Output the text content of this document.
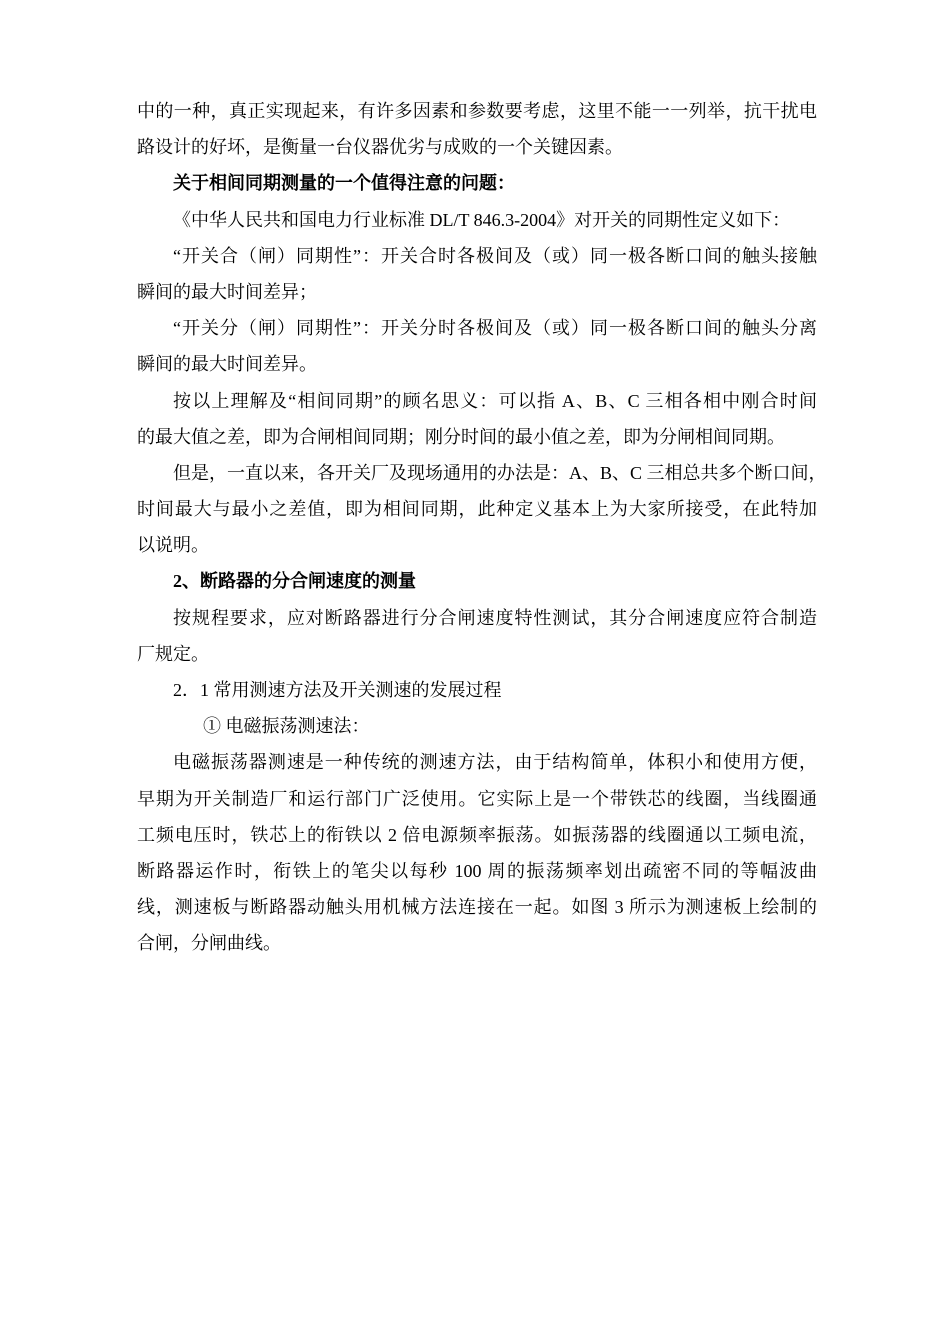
中的一种，真正实现起来，有许多因素和参数要考虑，这里不能一一列举，抗干扰电
路设计的好坏，是衡量一台仪器优劣与成败的一个关键因素。
关于相间同期测量的一个值得注意的问题：
《中华人民共和国电力行业标准 DL/T 846.3-2004》对开关的同期性定义如下：
“开关合（闸）同期性”：开关合时各极间及（或）同一极各断口间的触头接触
瞬间的最大时间差异；
“开关分（闸）同期性”：开关分时各极间及（或）同一极各断口间的触头分离
瞬间的最大时间差异。
按以上理解及“相间同期”的顾名思义：可以指 A、B、C 三相各相中刚合时间
的最大值之差，即为合闸相间同期；刚分时间的最小值之差，即为分闸相间同期。
但是，一直以来，各开关厂及现场通用的办法是：A、B、C 三相总共多个断口间，
时间最大与最小之差值，即为相间同期，此种定义基本上为大家所接受，在此特加
以说明。
2、断路器的分合闸速度的测量
按规程要求，应对断路器进行分合闸速度特性测试，其分合闸速度应符合制造
厂规定。
2．1 常用测速方法及开关测速的发展过程
① 电磁振荡测速法：
电磁振荡器测速是一种传统的测速方法，由于结构简单，体积小和使用方便，
早期为开关制造厂和运行部门广泛使用。它实际上是一个带铁芯的线圈，当线圈通
工频电压时，铁芯上的衔铁以 2 倍电源频率振荡。如振荡器的线圈通以工频电流，
断路器运作时，衔铁上的笔尖以每秒 100 周的振荡频率划出疏密不同的等幅波曲
线，测速板与断路器动触头用机械方法连接在一起。如图 3 所示为测速板上绘制的
合闸，分闸曲线。
